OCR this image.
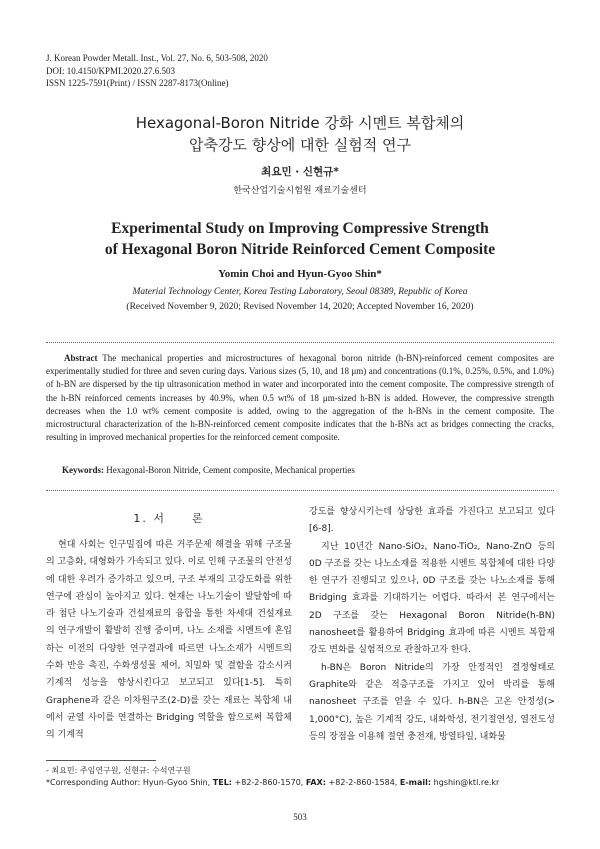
J. Korean Powder Metall. Inst., Vol. 27, No. 6, 503-508, 2020
DOI: 10.4150/KPMI.2020.27.6.503
ISSN 1225-7591(Print) / ISSN 2287-8173(Online)
Hexagonal-Boron Nitride 강화 시멘트 복합체의
압축강도 향상에 대한 실험적 연구
최요민 · 신현규*
한국산업기술시험원 재료기술센터
Experimental Study on Improving Compressive Strength
of Hexagonal Boron Nitride Reinforced Cement Composite
Yomin Choi and Hyun-Gyoo Shin*
Material Technology Center, Korea Testing Laboratory, Seoul 08389, Republic of Korea
(Received November 9, 2020; Revised November 14, 2020; Accepted November 16, 2020)
Abstract The mechanical properties and microstructures of hexagonal boron nitride (h-BN)-reinforced cement composites are experimentally studied for three and seven curing days. Various sizes (5, 10, and 18 μm) and concentrations (0.1%, 0.25%, 0.5%, and 1.0%) of h-BN are dispersed by the tip ultrasonication method in water and incorporated into the cement composite. The compressive strength of the h-BN reinforced cements increases by 40.9%, when 0.5 wt% of 18 μm-sized h-BN is added. However, the compressive strength decreases when the 1.0 wt% cement composite is added, owing to the aggregation of the h-BNs in the cement composite. The microstructural characterization of the h-BN-reinforced cement composite indicates that the h-BNs act as bridges connecting the cracks, resulting in improved mechanical properties for the reinforced cement composite.
Keywords: Hexagonal-Boron Nitride, Cement composite, Mechanical properties
1. 서　　론

현대 사회는 인구밀집에 따른 거주문제 해결을 위해 구조물의 고층화, 대형화가 가속되고 있다. 이로 인해 구조물의 안전성에 대한 우려가 증가하고 있으며, 구조 부재의 고강도화를 위한 연구에 관심이 높아지고 있다. 현재는 나노기술이 발달함에 따라 첨단 나노기술과 건설재료의 융합을 통한 차세대 건설재료의 연구개발이 활발히 진행 중이며, 나노 소재를 시멘트에 혼입하는 이전의 다양한 연구결과에 따르면 나노소재가 시멘트의 수화 반응 촉진, 수화생성물 제어, 치밀화 및 결함을 감소시켜 기계적 성능을 향상시킨다고 보고되고 있다[1-5]. 특히 Graphene과 같은 이차원구조(2-D)를 갖는 재료는 복합체 내에서 균열 사이를 연결하는 Bridging 역할을 함으로써 복합체의 기계적

강도를 향상시키는데 상당한 효과를 가진다고 보고되고 있다[6-8].

지난 10년간 Nano-SiO₂, Nano-TiO₂, Nano-ZnO 등의 0D 구조를 갖는 나노소재를 적용한 시멘트 복합체에 대한 다양한 연구가 진행되고 있으나, 0D 구조를 갖는 나노소재를 통해 Bridging 효과를 기대하기는 어렵다. 따라서 본 연구에서는 2D 구조를 갖는 Hexagonal Boron Nitride(h-BN) nanosheet를 활용하여 Bridging 효과에 따른 시멘트 복합재 강도 변화를 실험적으로 관찰하고자 한다.

h-BN은 Boron Nitride의 가장 안정적인 결정형태로 Graphite와 같은 적층구조를 가지고 있어 박리를 통해 nanosheet 구조를 얻을 수 있다. h-BN은 고온 안정성(> 1,000°C), 높은 기계적 강도, 내화학성, 전기절연성, 열전도성 등의 장점을 이용해 절연 충전재, 방열타일, 내화물

- 최요민: 주임연구원, 신현규: 수석연구원
*Corresponding Author: Hyun-Gyoo Shin, TEL: +82-2-860-1570, FAX: +82-2-860-1584, E-mail: hgshin@ktl.re.kr
503
